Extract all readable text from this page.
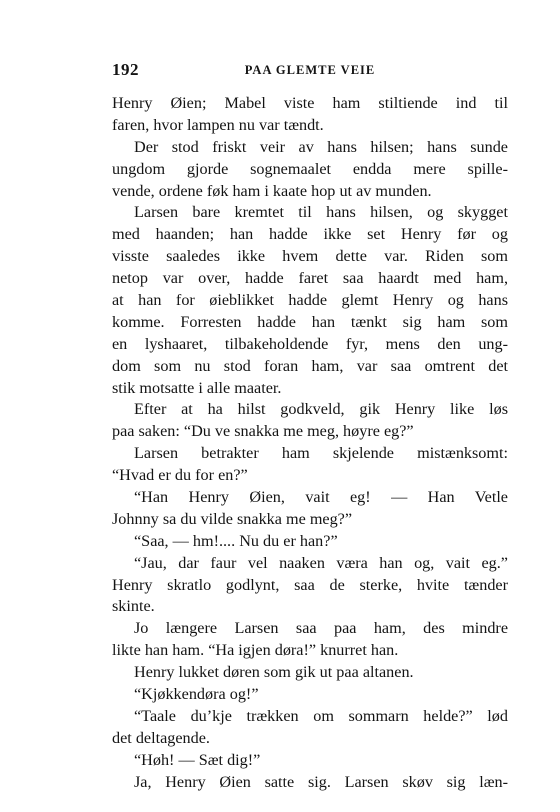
192	PAA GLEMTE VEIE
Henry Øien; Mabel viste ham stiltiende ind til
faren, hvor lampen nu var tændt.
Der stod friskt veir av hans hilsen; hans sunde
ungdom gjorde sognemaalet endda mere spille-
vende, ordene føk ham i kaate hop ut av munden.
Larsen bare kremtet til hans hilsen, og skygget
med haanden; han hadde ikke set Henry før og
visste saaledes ikke hvem dette var. Riden som
netop var over, hadde faret saa haardt med ham,
at han for øieblikket hadde glemt Henry og hans
komme. Forresten hadde han tænkt sig ham som
en lyshaaret, tilbakeholdende fyr, mens den ung-
dom som nu stod foran ham, var saa omtrent det
stik motsatte i alle maater.
Efter at ha hilst godkveld, gik Henry like løs
paa saken: “Du ve snakka me meg, høyre eg?”
Larsen betrakter ham skjelende mistænksomt:
“Hvad er du for en?”
“Han Henry Øien, vait eg! — Han Vetle
Johnny sa du vilde snakka me meg?”
“Saa, — hm!.... Nu du er han?”
“Jau, dar faur vel naaken væra han og, vait eg.”
Henry skratlo godlynt, saa de sterke, hvite tænder
skinte.
Jo længere Larsen saa paa ham, des mindre
likte han ham. “Ha igjen døra!” knurret han.
Henry lukket døren som gik ut paa altanen.
“Kjøkkendøra og!”
“Taale du’kje trækken om sommarn helde?” lød
det deltagende.
“Høh! — Sæt dig!”
Ja, Henry Øien satte sig. Larsen skøv sig læn-
